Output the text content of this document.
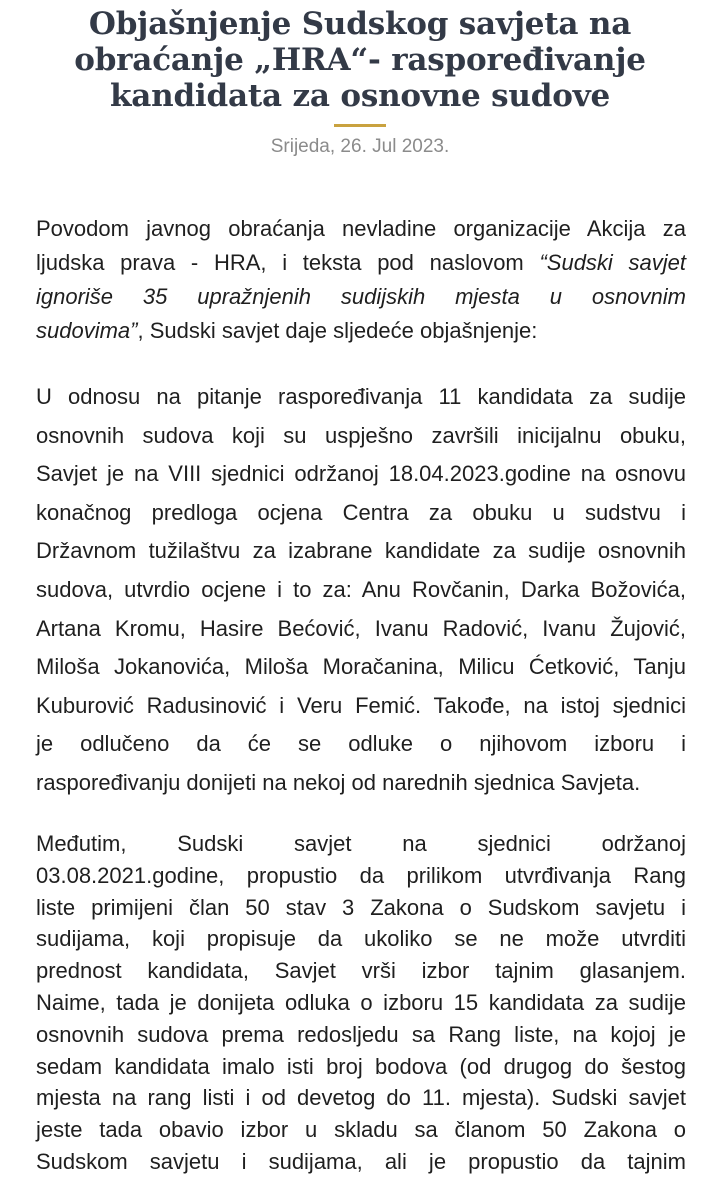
Objašnjenje Sudskog savjeta na
obraćanje „HRA“- raspoređivanje
kandidata za osnovne sudove
Srijeda, 26. Jul 2023.

Povodom javnog obraćanja nevladine organizacije Akcija za
ljudska prava - HRA, i teksta pod naslovom “Sudski savjet
ignoriše 35 upražnjenih sudijskih mjesta u osnovnim
sudovima”, Sudski savjet daje sljedeće objašnjenje:

U odnosu na pitanje raspoređivanja 11 kandidata za sudije
osnovnih sudova koji su uspješno završili inicijalnu obuku,
Savjet je na VIII sjednici održanoj 18.04.2023.godine na osnovu
konačnog predloga ocjena Centra za obuku u sudstvu i
Državnom tužilaštvu za izabrane kandidate za sudije osnovnih
sudova, utvrdio ocjene i to za: Anu Rovčanin, Darka Božovića,
Artana Kromu, Hasire Bećović, Ivanu Radović, Ivanu Žujović,
Miloša Jokanovića, Miloša Moračanina, Milicu Ćetković, Tanju
Kuburović Radusinović i Veru Femić. Takođe, na istoj sjednici
je odlučeno da će se odluke o njihovom izboru i
raspoređivanju donijeti na nekoj od narednih sjednica Savjeta.

Međutim, Sudski savjet na sjednici održanoj
03.08.2021.godine, propustio da prilikom utvrđivanja Rang
liste primijeni član 50 stav 3 Zakona o Sudskom savjetu i
sudijama, koji propisuje da ukoliko se ne može utvrditi
prednost kandidata, Savjet vrši izbor tajnim glasanjem.
Naime, tada je donijeta odluka o izboru 15 kandidata za sudije
osnovnih sudova prema redosljedu sa Rang liste, na kojoj je
sedam kandidata imalo isti broj bodova (od drugog do šestog
mjesta na rang listi i od devetog do 11. mjesta). Sudski savjet
jeste tada obavio izbor u skladu sa članom 50 Zakona o
Sudskom savjetu i sudijama, ali je propustio da tajnim
